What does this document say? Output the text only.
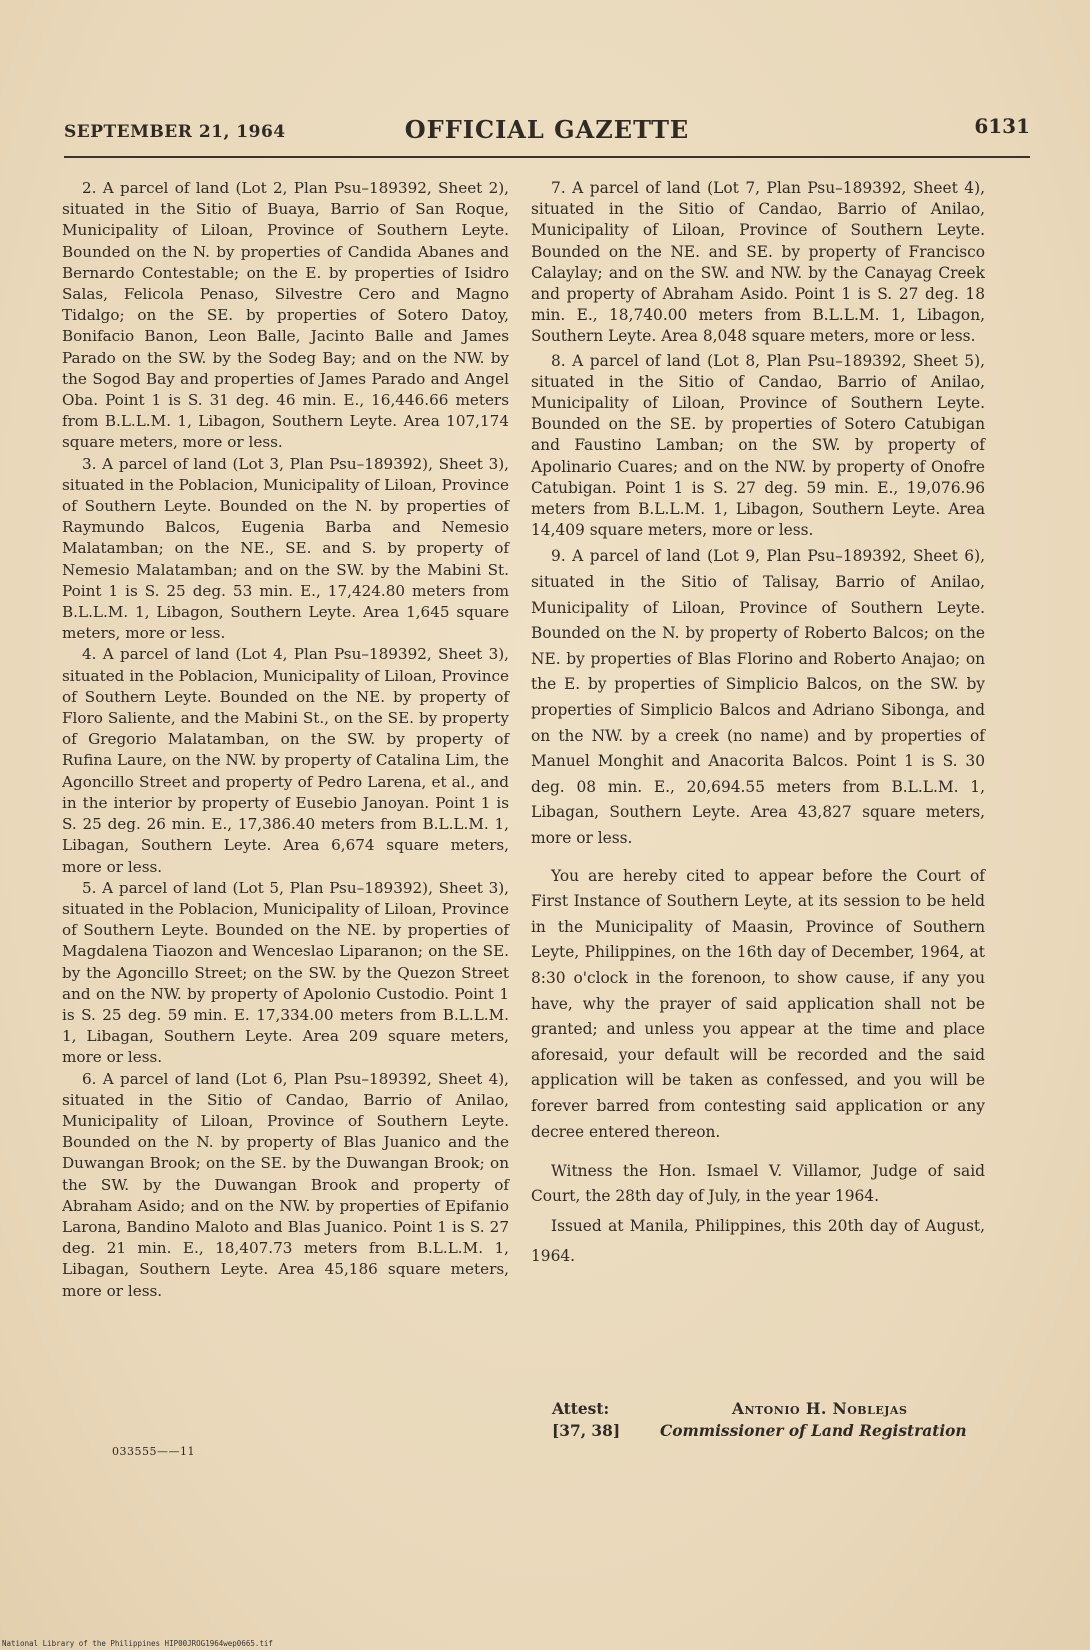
SEPTEMBER 21, 1964	OFFICIAL GAZETTE	6131

2. A parcel of land (Lot 2, Plan Psu–189392, Sheet 2), situated in the Sitio of Buaya, Barrio of San Roque, Municipality of Liloan, Province of Southern Leyte. Bounded on the N. by properties of Candida Abanes and Bernardo Contestable; on the E. by properties of Isidro Salas, Felicola Penaso, Silvestre Cero and Magno Tidalgo; on the SE. by properties of Sotero Datoy, Bonifacio Banon, Leon Balle, Jacinto Balle and James Parado on the SW. by the Sodeg Bay; and on the NW. by the Sogod Bay and properties of James Parado and Angel Oba. Point 1 is S. 31 deg. 46 min. E., 16,446.66 meters from B.L.L.M. 1, Libagon, Southern Leyte. Area 107,174 square meters, more or less.

3. A parcel of land (Lot 3, Plan Psu–189392), Sheet 3), situated in the Poblacion, Municipality of Liloan, Province of Southern Leyte. Bounded on the N. by properties of Raymundo Balcos, Eugenia Barba and Nemesio Malatamban; on the NE., SE. and S. by property of Nemesio Malatamban; and on the SW. by the Mabini St. Point 1 is S. 25 deg. 53 min. E., 17,424.80 meters from B.L.L.M. 1, Libagon, Southern Leyte. Area 1,645 square meters, more or less.

4. A parcel of land (Lot 4, Plan Psu–189392, Sheet 3), situated in the Poblacion, Municipality of Liloan, Province of Southern Leyte. Bounded on the NE. by property of Floro Saliente, and the Mabini St., on the SE. by property of Gregorio Malatamban, on the SW. by property of Rufina Laure, on the NW. by property of Catalina Lim, the Agoncillo Street and property of Pedro Larena, et al., and in the interior by property of Eusebio Janoyan. Point 1 is S. 25 deg. 26 min. E., 17,386.40 meters from B.L.L.M. 1, Libagan, Southern Leyte. Area 6,674 square meters, more or less.

5. A parcel of land (Lot 5, Plan Psu–189392), Sheet 3), situated in the Poblacion, Municipality of Liloan, Province of Southern Leyte. Bounded on the NE. by properties of Magdalena Tiaozon and Wenceslao Liparanon; on the SE. by the Agoncillo Street; on the SW. by the Quezon Street and on the NW. by property of Apolonio Custodio. Point 1 is S. 25 deg. 59 min. E. 17,334.00 meters from B.L.L.M. 1, Libagan, Southern Leyte. Area 209 square meters, more or less.

6. A parcel of land (Lot 6, Plan Psu–189392, Sheet 4), situated in the Sitio of Candao, Barrio of Anilao, Municipality of Liloan, Province of Southern Leyte. Bounded on the N. by property of Blas Juanico and the Duwangan Brook; on the SE. by the Duwangan Brook; on the SW. by the Duwangan Brook and property of Abraham Asido; and on the NW. by properties of Epifanio Larona, Bandino Maloto and Blas Juanico. Point 1 is S. 27 deg. 21 min. E., 18,407.73 meters from B.L.L.M. 1, Libagan, Southern Leyte. Area 45,186 square meters, more or less.

033555——11

7. A parcel of land (Lot 7, Plan Psu–189392, Sheet 4), situated in the Sitio of Candao, Barrio of Anilao, Municipality of Liloan, Province of Southern Leyte. Bounded on the NE. and SE. by property of Francisco Calaylay; and on the SW. and NW. by the Canayag Creek and property of Abraham Asido. Point 1 is S. 27 deg. 18 min. E., 18,740.00 meters from B.L.L.M. 1, Libagon, Southern Leyte. Area 8,048 square meters, more or less.

8. A parcel of land (Lot 8, Plan Psu–189392, Sheet 5), situated in the Sitio of Candao, Barrio of Anilao, Municipality of Liloan, Province of Southern Leyte. Bounded on the SE. by properties of Sotero Catubigan and Faustino Lamban; on the SW. by property of Apolinario Cuares; and on the NW. by property of Onofre Catubigan. Point 1 is S. 27 deg. 59 min. E., 19,076.96 meters from B.L.L.M. 1, Libagon, Southern Leyte. Area 14,409 square meters, more or less.

9. A parcel of land (Lot 9, Plan Psu–189392, Sheet 6), situated in the Sitio of Talisay, Barrio of Anilao, Municipality of Liloan, Province of Southern Leyte. Bounded on the N. by property of Roberto Balcos; on the NE. by properties of Blas Florino and Roberto Anajao; on the E. by properties of Simplicio Balcos, on the SW. by properties of Simplicio Balcos and Adriano Sibonga, and on the NW. by a creek (no name) and by properties of Manuel Monghit and Anacorita Balcos. Point 1 is S. 30 deg. 08 min. E., 20,694.55 meters from B.L.L.M. 1, Libagan, Southern Leyte. Area 43,827 square meters, more or less.

You are hereby cited to appear before the Court of First Instance of Southern Leyte, at its session to be held in the Municipality of Maasin, Province of Southern Leyte, Philippines, on the 16th day of December, 1964, at 8:30 o'clock in the forenoon, to show cause, if any you have, why the prayer of said application shall not be granted; and unless you appear at the time and place aforesaid, your default will be recorded and the said application will be taken as confessed, and you will be forever barred from contesting said application or any decree entered thereon.

Witness the Hon. Ismael V. Villamor, Judge of said Court, the 28th day of July, in the year 1964.

Issued at Manila, Philippines, this 20th day of August, 1964.

Attest:
[37, 38]
Antonio H. Noblejas
Commissioner of Land Registration
National Library of the Philippines HIP00JROG1964wep0665.tif
